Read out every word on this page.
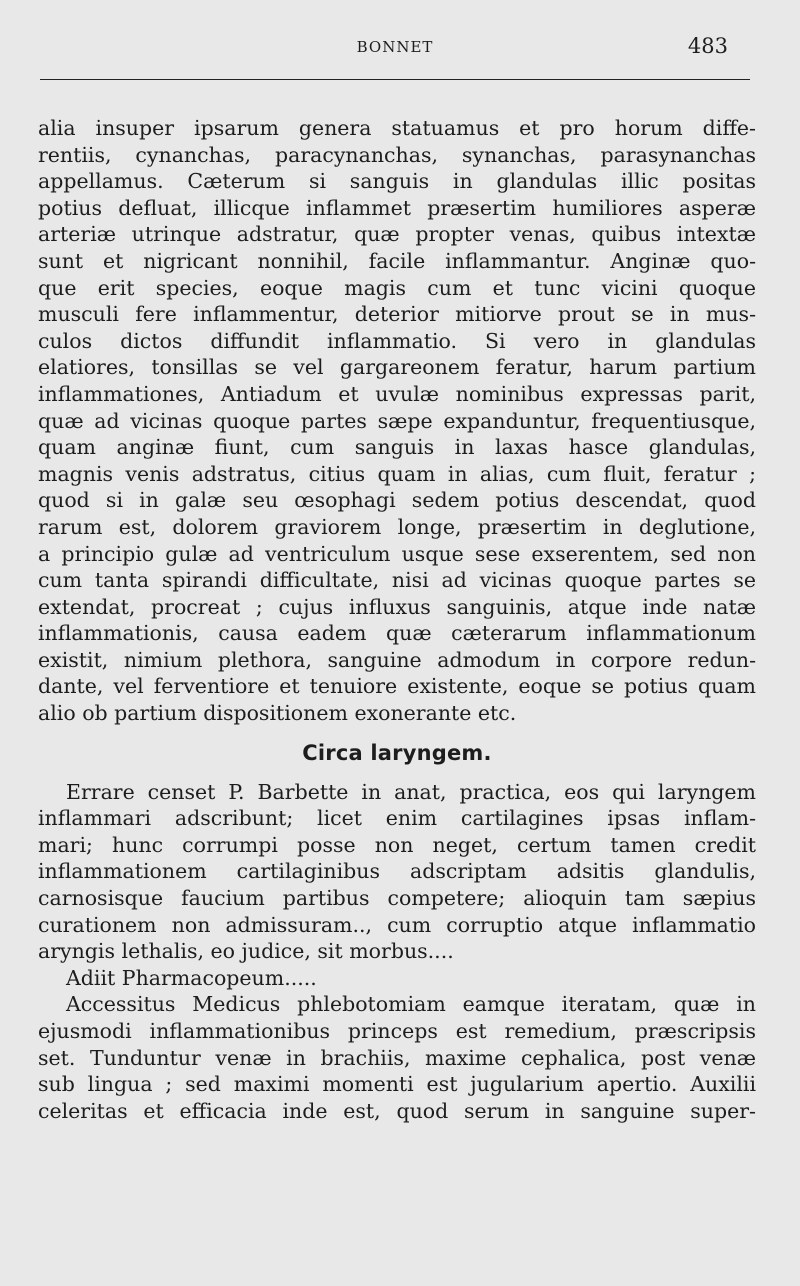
BONNET	483
alia insuper ipsarum genera statuamus et pro horum diffe-
rentiis, cynanchas, paracynanchas, synanchas, parasynanchas
appellamus. Cæterum si sanguis in glandulas illic positas
potius defluat, illicque inflammet præsertim humiliores asperæ
arteriæ utrinque adstratur, quæ propter venas, quibus intextæ
sunt et nigricant nonnihil, facile inflammantur. Anginæ quo-
que erit species, eoque magis cum et tunc vicini quoque
musculi fere inflammentur, deterior mitiorve prout se in mus-
culos dictos diffundit inflammatio. Si vero in glandulas
elatiores, tonsillas se vel gargareonem feratur, harum partium
inflammationes, Antiadum et uvulæ nominibus expressas parit,
quæ ad vicinas quoque partes sæpe expanduntur, frequentiusque,
quam anginæ fiunt, cum sanguis in laxas hasce glandulas,
magnis venis adstratus, citius quam in alias, cum fluit, feratur ;
quod si in galæ seu œsophagi sedem potius descendat, quod
rarum est, dolorem graviorem longe, præsertim in deglutione,
a principio gulæ ad ventriculum usque sese exserentem, sed non
cum tanta spirandi difficultate, nisi ad vicinas quoque partes se
extendat, procreat ; cujus influxus sanguinis, atque inde natæ
inflammationis, causa eadem quæ cæterarum inflammationum
existit, nimium plethora, sanguine admodum in corpore redun-
dante, vel ferventiore et tenuiore existente, eoque se potius quam
alio ob partium dispositionem exonerante etc.
Circa laryngem.
Errare censet P. Barbette in anat, practica, eos qui laryngem
inflammari adscribunt; licet enim cartilagines ipsas inflam-
mari; hunc corrumpi posse non neget, certum tamen credit
inflammationem cartilaginibus adscriptam adsitis glandulis,
carnosisque faucium partibus competere; alioquin tam sæpius
curationem non admissuram.., cum corruptio atque inflammatio
aryngis lethalis, eo judice, sit morbus....
Adiit Pharmacopeum.....
Accessitus Medicus phlebotomiam eamque iteratam, quæ in
ejusmodi inflammationibus princeps est remedium, præscripsis
set. Tunduntur venæ in brachiis, maxime cephalica, post venæ
sub lingua ; sed maximi momenti est jugularium apertio. Auxilii
celeritas et efficacia inde est, quod serum in sanguine super-
